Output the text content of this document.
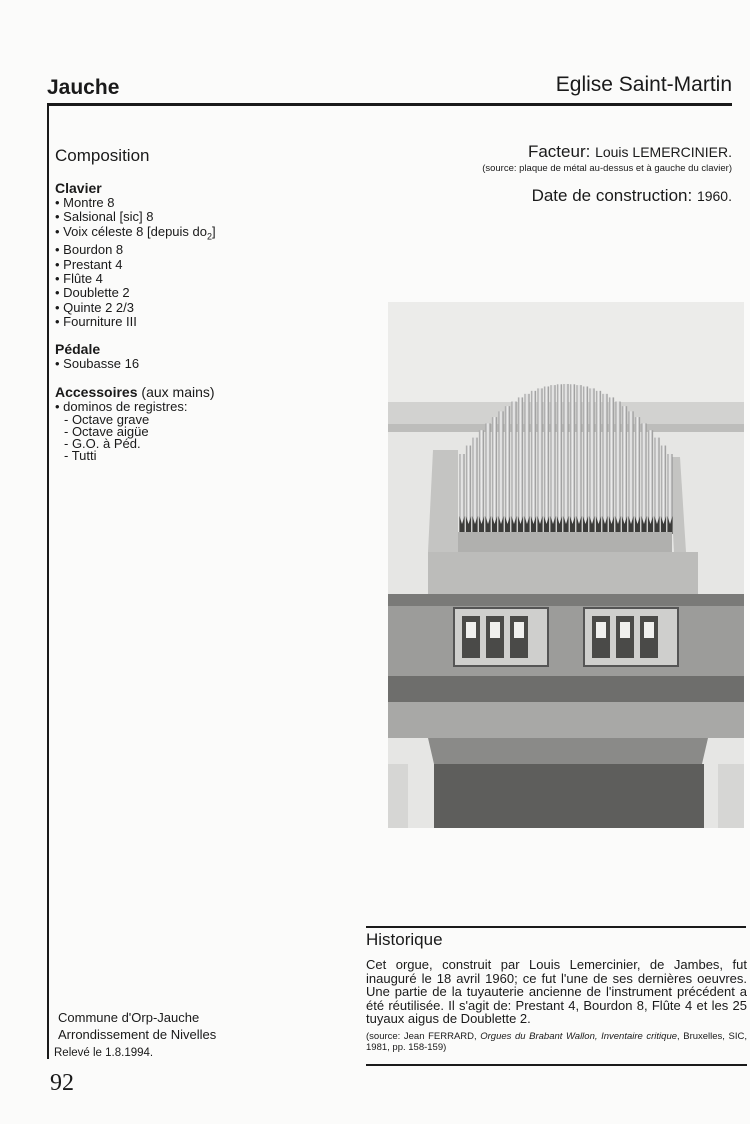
Jauche	Eglise Saint-Martin
Composition

Clavier

• Montre 8
• Salsional [sic] 8
• Voix céleste 8 [depuis $do_2$]
• Bourdon 8
• Prestant 4
• Flûte 4
• Doublette 2
• Quinte 2 2/3
• Fourniture III

Pédale

• Soubasse 16

Accessoires (aux mains)

• dominos de registres:
- Octave grave
- Octave aigüe
- G.O. à Péd.
- Tutti
Facteur: Louis LEMERCINIER.
(source: plaque de métal au-dessus et à gauche du clavier)
Date de construction: 1960.
Historique
Cet orgue, construit par Louis Lemercinier, de Jambes, fut inauguré le 18 avril 1960; ce fut l'une de ses dernières oeuvres. Une partie de la tuyauterie ancienne de l'instrument précédent a été réutilisée. Il s'agit de: Prestant 4, Bourdon 8, Flûte 4 et les 25 tuyaux aigus de Doublette 2.
(source: Jean FERRARD, Orgues du Brabant Wallon, Inventaire critique, Bruxelles, SIC, 1981, pp. 158-159)
Commune d'Orp-Jauche
Arrondissement de Nivelles
Relevé le 1.8.1994.
92
